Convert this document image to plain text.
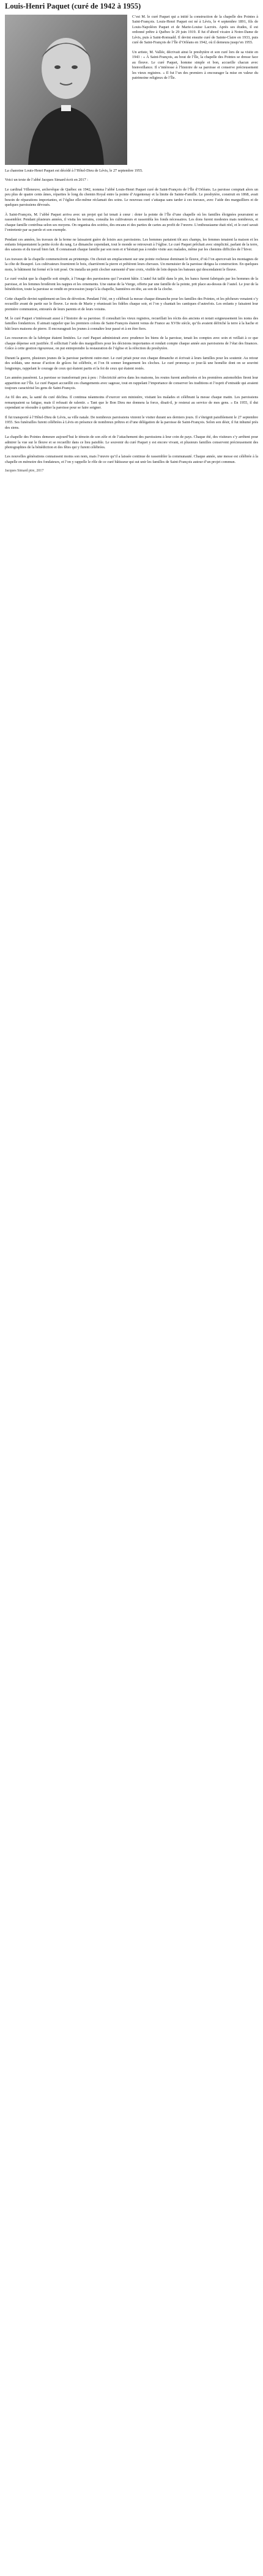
Louis-Henri Paquet (curé de 1942 à 1955)

C’est M. le curé Paquet qui a initié la construction de la chapelle des Pointes à Saint-François. Louis-Henri Paquet est né à Lévis, le 4 septembre 1891, fils de Louis-Napoléon Paquet et de Marie-Louise Lacroix. Après ses études, il est ordonné prêtre à Québec le 29 juin 1919. Il fut d’abord vicaire à Notre-Dame de Lévis, puis à Saint-Romuald. Il devint ensuite curé de Sainte-Claire en 1933, puis curé de Saint-François de l’Île d’Orléans en 1942, où il demeura jusqu’en 1955.

Un artiste, M. Vallée, décrivait ainsi le presbytère et son curé lors de sa visite en 1943 : « À Saint-François, au bout de l’Île, la chapelle des Pointes se dresse face au fleuve. Le curé Paquet, homme simple et bon, accueille chacun avec bienveillance. Il s’intéresse à l’histoire de sa paroisse et conserve précieusement les vieux registres. » Il fut l’un des premiers à encourager la mise en valeur du patrimoine religieux de l’Île.

La chanoine Louis-Henri Paquet est décédé à l’Hôtel-Dieu de Lévis, le 27 septembre 1955.

Voici un texte de l’abbé Jacques Simard écrit en 2017 :

Le cardinal Villeneuve, archevêque de Québec en 1942, nomma l’abbé Louis-Henri Paquet curé de Saint-François de l’Île d’Orléans. La paroisse comptait alors un peu plus de quatre cents âmes, réparties le long du chemin Royal entre la pointe d’Argentenay et la limite de Sainte-Famille. Le presbytère, construit en 1868, avait besoin de réparations importantes, et l’église elle-même réclamait des soins. Le nouveau curé s’attaqua sans tarder à ces travaux, avec l’aide des marguilliers et de quelques paroissiens dévoués.

À Saint-François, M. l’abbé Paquet arriva avec un projet qui lui tenait à cœur : doter la pointe de l’Île d’une chapelle où les familles éloignées pourraient se rassembler. Pendant plusieurs années, il visita les terrains, consulta les cultivateurs et rassembla les fonds nécessaires. Les dons furent modestes mais nombreux, et chaque famille contribua selon ses moyens. On organisa des soirées, des encans et des parties de cartes au profit de l’œuvre. L’enthousiasme était réel, et le curé savait l’entretenir par sa parole et son exemple.

Pendant ces années, les travaux de la ferme ne laissaient guère de loisirs aux paroissiens. Les hommes partaient tôt aux champs, les femmes tenaient la maison et les enfants fréquentaient la petite école du rang. Le dimanche cependant, tout le monde se retrouvait à l’église. Le curé Paquet prêchait avec simplicité, parlant de la terre, des saisons et du travail bien fait. Il connaissait chaque famille par son nom et n’hésitait pas à rendre visite aux malades, même par les chemins difficiles de l’hiver.

Les travaux de la chapelle commencèrent au printemps. On choisit un emplacement sur une pointe rocheuse dominant le fleuve, d’où l’on apercevait les montagnes de la côte de Beaupré. Les cultivateurs fournirent le bois, charrièrent la pierre et prêtèrent leurs chevaux. Un menuisier de la paroisse dirigea la construction. En quelques mois, le bâtiment fut fermé et le toit posé. On installa un petit clocher surmonté d’une croix, visible de loin depuis les bateaux qui descendaient le fleuve.

Le curé voulut que la chapelle soit simple, à l’image des paroissiens qui l’avaient bâtie. L’autel fut taillé dans le pin, les bancs furent fabriqués par les hommes de la paroisse, et les femmes brodèrent les nappes et les ornements. Une statue de la Vierge, offerte par une famille de la pointe, prit place au-dessus de l’autel. Le jour de la bénédiction, toute la paroisse se rendit en procession jusqu’à la chapelle, bannières en tête, au son de la cloche.

Cette chapelle devint rapidement un lieu de dévotion. Pendant l’été, on y célébrait la messe chaque dimanche pour les familles des Pointes, et les pêcheurs venaient s’y recueillir avant de partir sur le fleuve. Le mois de Marie y réunissait les fidèles chaque soir, et l’on y chantait les cantiques d’autrefois. Les enfants y faisaient leur première communion, entourés de leurs parents et de leurs voisins.

M. le curé Paquet s’intéressait aussi à l’histoire de sa paroisse. Il consultait les vieux registres, recueillait les récits des anciens et notait soigneusement les noms des familles fondatrices. Il aimait rappeler que les premiers colons de Saint-François étaient venus de France au XVIIe siècle, qu’ils avaient défriché la terre à la hache et bâti leurs maisons de pierre. Il encourageait les jeunes à connaître leur passé et à en être fiers.

Les ressources de la fabrique étaient limitées. Le curé Paquet administrait avec prudence les biens de la paroisse, tenait les comptes avec soin et veillait à ce que chaque dépense soit justifiée. Il sollicitait l’aide des marguilliers pour les décisions importantes et rendait compte chaque année aux paroissiens de l’état des finances. Grâce à cette gestion rigoureuse, on put entreprendre la restauration de l’église et la réfection du presbytère.

Durant la guerre, plusieurs jeunes de la paroisse partirent outre-mer. Le curé priait pour eux chaque dimanche et écrivait à leurs familles pour les soutenir. Au retour des soldats, une messe d’action de grâces fut célébrée, et l’on fit sonner longuement les cloches. Le curé prononça ce jour-là une homélie dont on se souvint longtemps, rappelant le courage de ceux qui étaient partis et la foi de ceux qui étaient restés.

Les années passèrent. La paroisse se transformait peu à peu : l’électricité arriva dans les maisons, les routes furent améliorées et les premières automobiles firent leur apparition sur l’Île. Le curé Paquet accueillit ces changements avec sagesse, tout en rappelant l’importance de conserver les traditions et l’esprit d’entraide qui avaient toujours caractérisé les gens de Saint-François.

Au fil des ans, la santé du curé déclina. Il continua néanmoins d’exercer son ministère, visitant les malades et célébrant la messe chaque matin. Les paroissiens remarquaient sa fatigue, mais il refusait de ralentir. « Tant que le Bon Dieu me donnera la force, disait-il, je resterai au service de mes gens. » En 1955, il dut cependant se résoudre à quitter la paroisse pour se faire soigner.

Il fut transporté à l’Hôtel-Dieu de Lévis, sa ville natale. De nombreux paroissiens vinrent le visiter durant ses derniers jours. Il s’éteignit paisiblement le 27 septembre 1955. Ses funérailles furent célébrées à Lévis en présence de nombreux prêtres et d’une délégation de la paroisse de Saint-François. Selon son désir, il fut inhumé près des siens.

La chapelle des Pointes demeure aujourd’hui le témoin de son zèle et de l’attachement des paroissiens à leur coin de pays. Chaque été, des visiteurs s’y arrêtent pour admirer la vue sur le fleuve et se recueillir dans ce lieu paisible. Le souvenir du curé Paquet y est encore vivant, et plusieurs familles conservent précieusement des photographies de la bénédiction et des fêtes qui y furent célébrées.

Les nouvelles générations connaissent moins son nom, mais l’œuvre qu’il a laissée continue de rassembler la communauté. Chaque année, une messe est célébrée à la chapelle en mémoire des fondateurs, et l’on y rappelle le rôle de ce curé bâtisseur qui sut unir les familles de Saint-François autour d’un projet commun.

Jacques Simard ptre, 2017
